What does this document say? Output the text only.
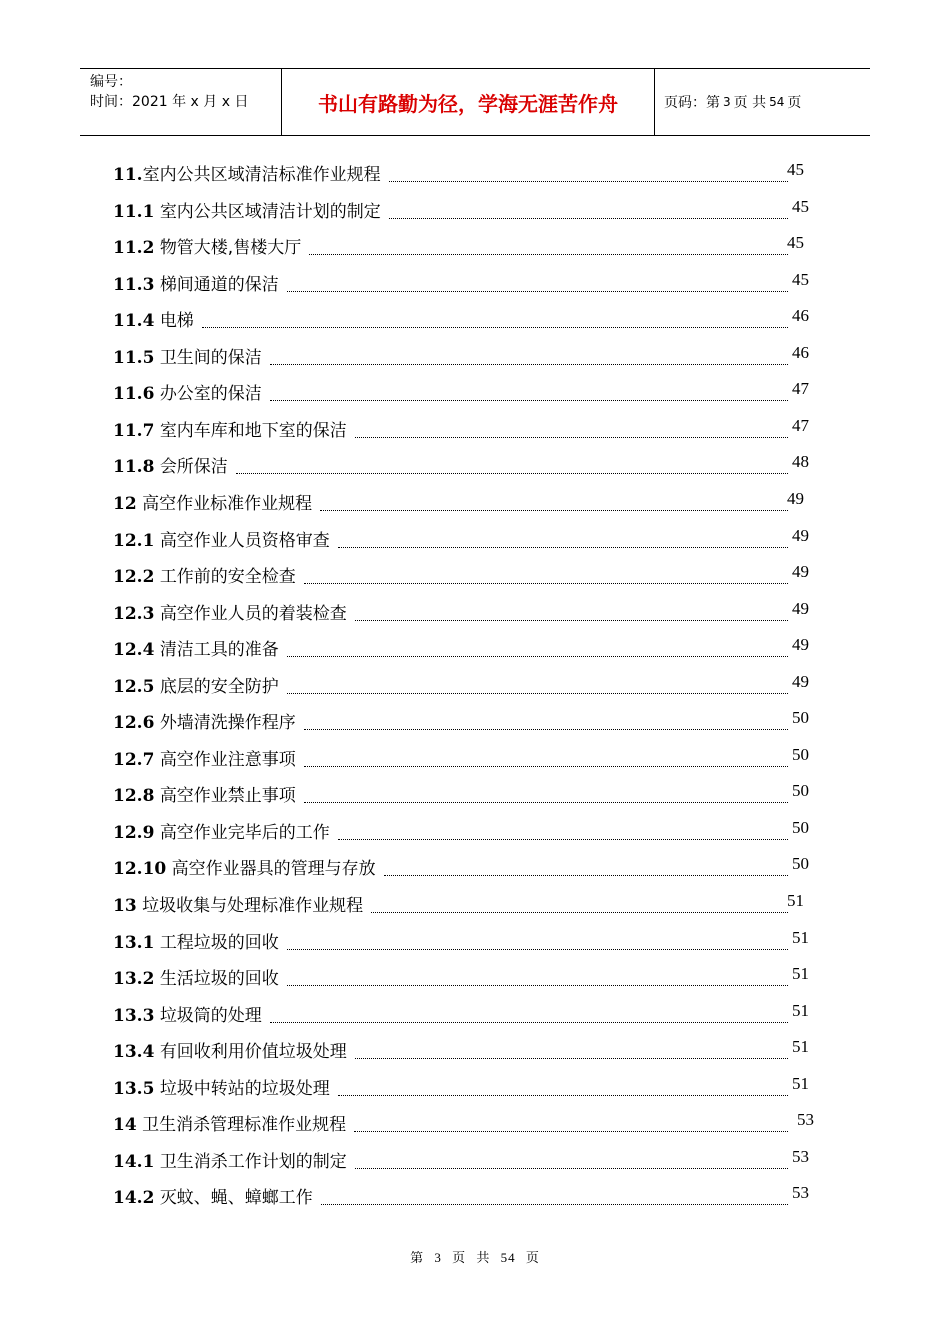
编号：
时间：2021 年 x 月 x 日	书山有路勤为径，学海无涯苦作舟	页码：第 3 页 共 54 页
11.室内公共区域清洁标准作业规程	45
11.1 室内公共区域清洁计划的制定	45
11.2 物管大楼,售楼大厅	45
11.3 梯间通道的保洁	45
11.4 电梯	46
11.5 卫生间的保洁	46
11.6 办公室的保洁	47
11.7 室内车库和地下室的保洁	47
11.8 会所保洁	48
12 高空作业标准作业规程	49
12.1 高空作业人员资格审查	49
12.2 工作前的安全检查	49
12.3 高空作业人员的着装检查	49
12.4 清洁工具的准备	49
12.5 底层的安全防护	49
12.6 外墙清洗操作程序	50
12.7 高空作业注意事项	50
12.8 高空作业禁止事项	50
12.9 高空作业完毕后的工作	50
12.10 高空作业器具的管理与存放	50
13 垃圾收集与处理标准作业规程	51
13.1 工程垃圾的回收	51
13.2 生活垃圾的回收	51
13.3 垃圾筒的处理	51
13.4 有回收利用价值垃圾处理	51
13.5 垃圾中转站的垃圾处理	51
14 卫生消杀管理标准作业规程	53
14.1 卫生消杀工作计划的制定	53
14.2 灭蚊、蝇、蟑螂工作	53
第 3 页 共 54 页
